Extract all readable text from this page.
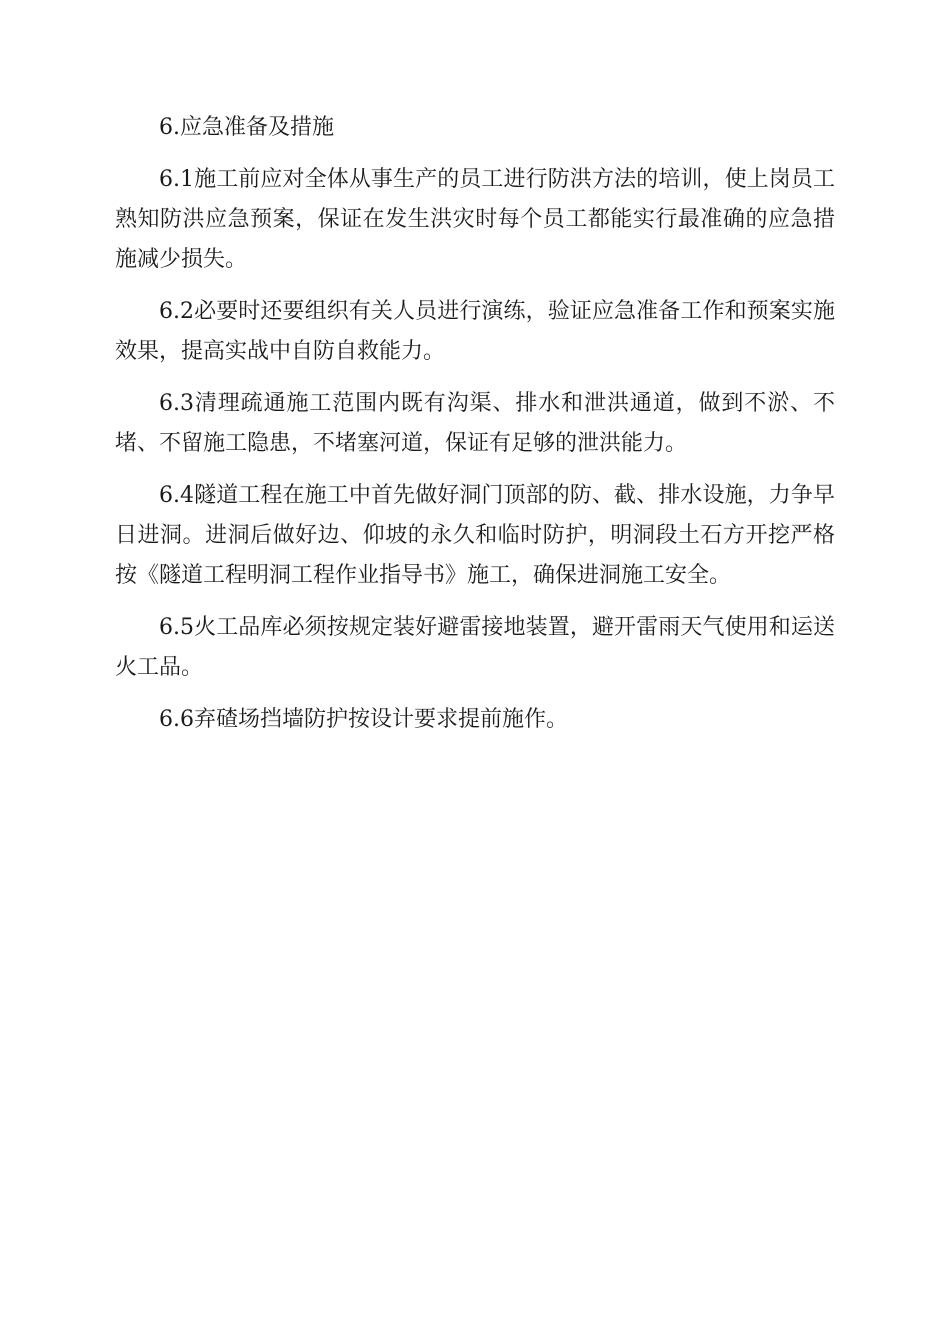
6.应急准备及措施

6.1施工前应对全体从事生产的员工进行防洪方法的培训，使上岗员工熟知防洪应急预案，保证在发生洪灾时每个员工都能实行最准确的应急措施减少损失。

6.2必要时还要组织有关人员进行演练，验证应急准备工作和预案实施效果，提高实战中自防自救能力。

6.3清理疏通施工范围内既有沟渠、排水和泄洪通道，做到不淤、不堵、不留施工隐患，不堵塞河道，保证有足够的泄洪能力。

6.4隧道工程在施工中首先做好洞门顶部的防、截、排水设施，力争早日进洞。进洞后做好边、仰坡的永久和临时防护，明洞段土石方开挖严格按《隧道工程明洞工程作业指导书》施工，确保进洞施工安全。

6.5火工品库必须按规定装好避雷接地装置，避开雷雨天气使用和运送火工品。

6.6弃碴场挡墙防护按设计要求提前施作。
